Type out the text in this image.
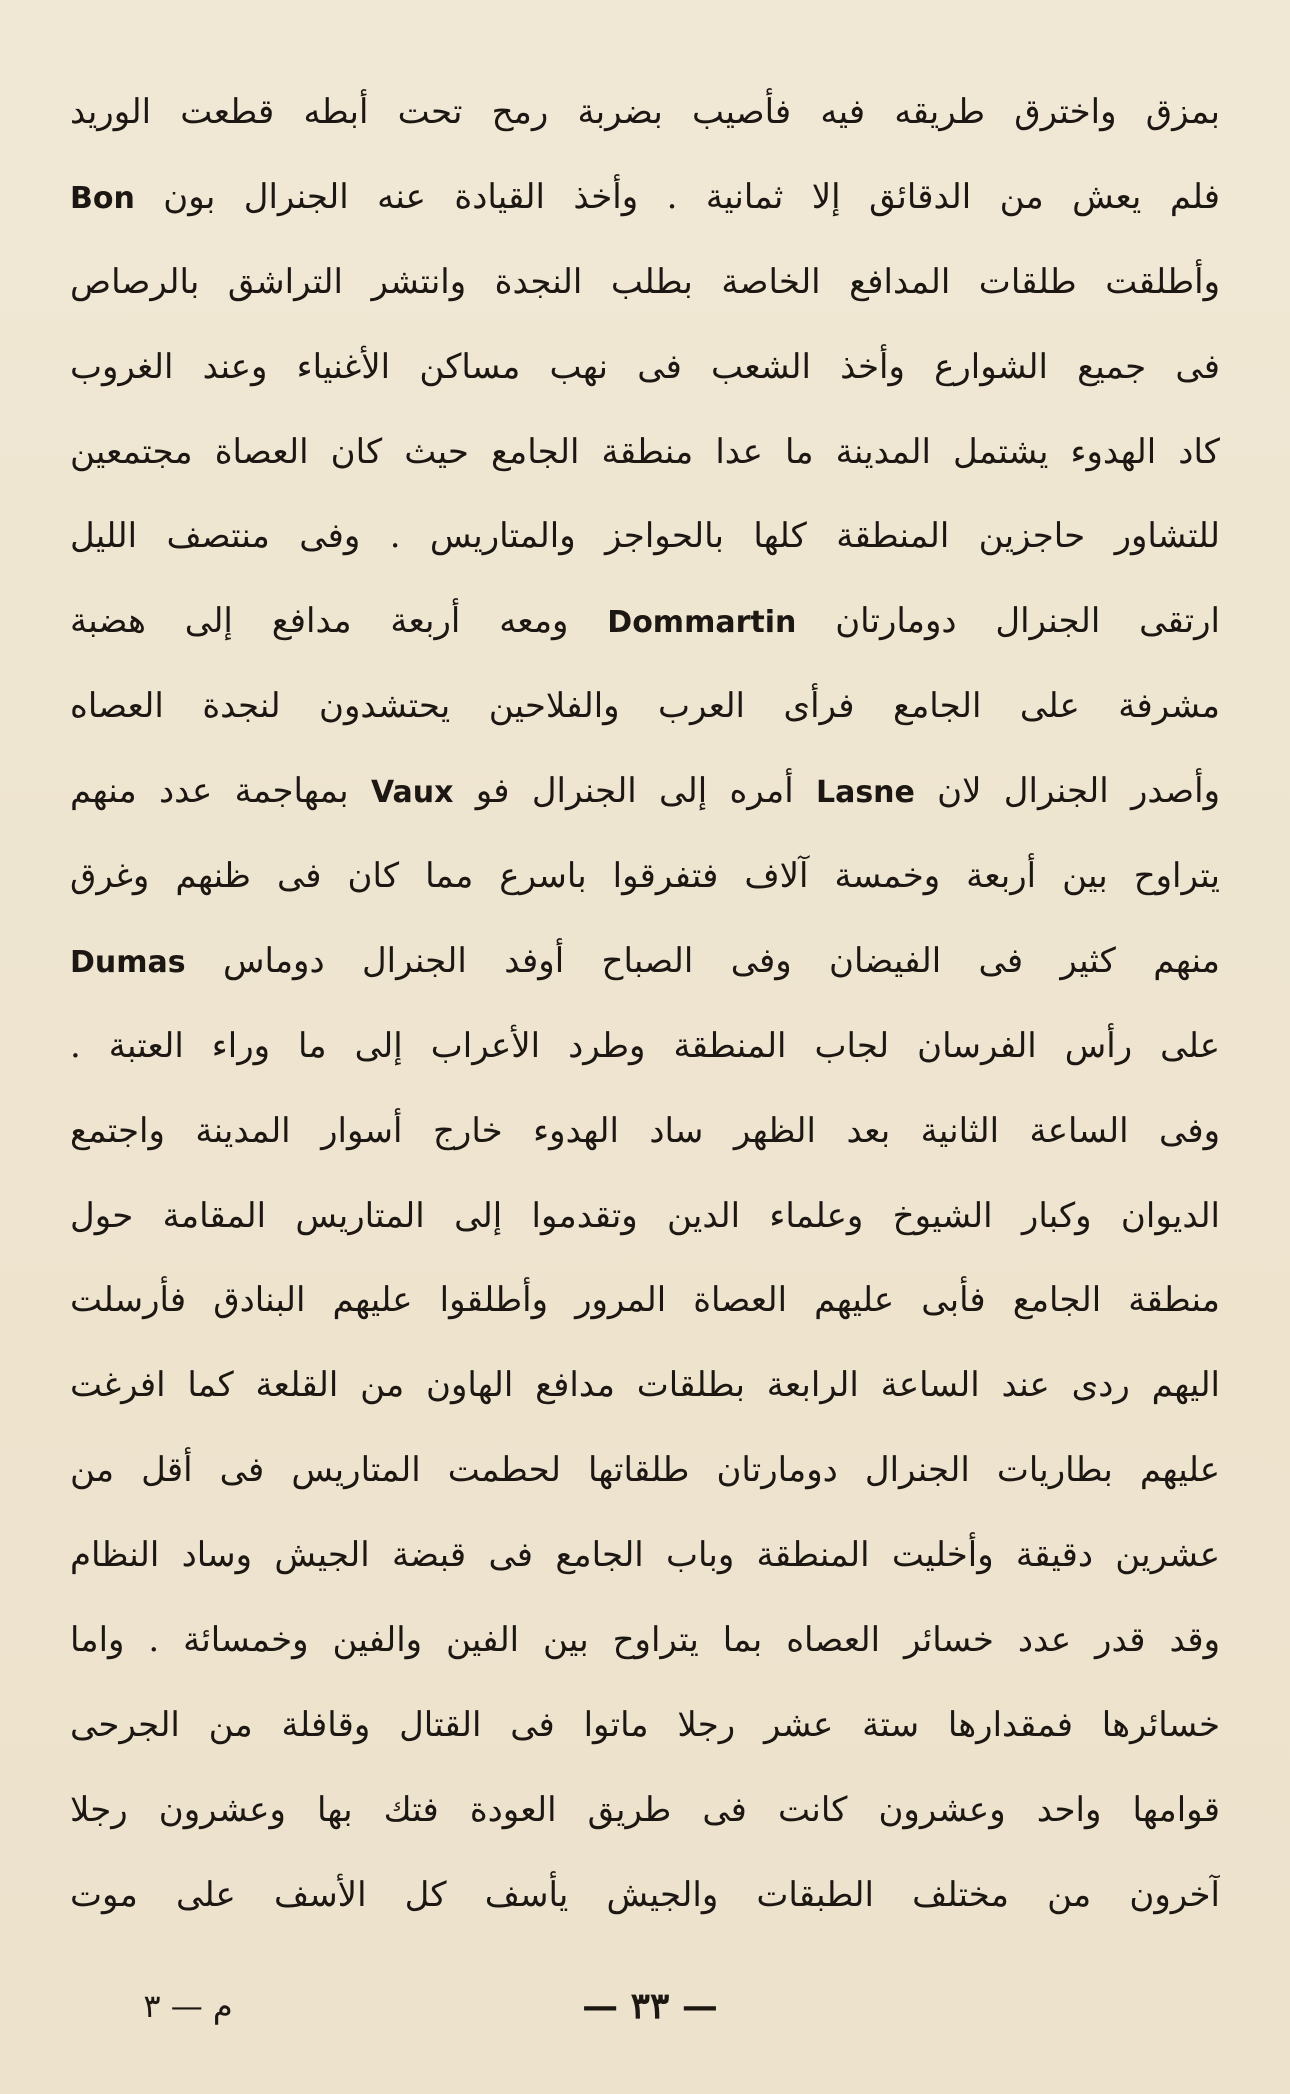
بمزق واخترق طريقه فيه فأصيب بضربة رمح تحت أبطه قطعت الوريد
فلم يعش من الدقائق إلا ثمانية . وأخذ القيادة عنه الجنرال بون Bon
وأطلقت طلقات المدافع الخاصة بطلب النجدة وانتشر التراشق بالرصاص
فى جميع الشوارع وأخذ الشعب فى نهب مساكن الأغنياء وعند الغروب
كاد الهدوء يشتمل المدينة ما عدا منطقة الجامع حيث كان العصاة مجتمعين
للتشاور حاجزين المنطقة كلها بالحواجز والمتاريس . وفى منتصف الليل
ارتقى الجنرال دومارتان Dommartin ومعه أربعة مدافع إلى هضبة
مشرفة على الجامع فرأى العرب والفلاحين يحتشدون لنجدة العصاه
وأصدر الجنرال لان Lasne أمره إلى الجنرال فو Vaux بمهاجمة عدد منهم
يتراوح بين أربعة وخمسة آلاف فتفرقوا باسرع مما كان فى ظنهم وغرق
منهم كثير فى الفيضان وفى الصباح أوفد الجنرال دوماس Dumas
على رأس الفرسان لجاب المنطقة وطرد الأعراب إلى ما وراء العتبة .
وفى الساعة الثانية بعد الظهر ساد الهدوء خارج أسوار المدينة واجتمع
الديوان وكبار الشيوخ وعلماء الدين وتقدموا إلى المتاريس المقامة حول
منطقة الجامع فأبى عليهم العصاة المرور وأطلقوا عليهم البنادق فأرسلت
اليهم ردى عند الساعة الرابعة بطلقات مدافع الهاون من القلعة كما افرغت
عليهم بطاريات الجنرال دومارتان طلقاتها لحطمت المتاريس فى أقل من
عشرين دقيقة وأخليت المنطقة وباب الجامع فى قبضة الجيش وساد النظام
وقد قدر عدد خسائر العصاه بما يتراوح بين الفين والفين وخمسائة . واما
خسائرها فمقدارها ستة عشر رجلا ماتوا فى القتال وقافلة من الجرحى
قوامها واحد وعشرون كانت فى طريق العودة فتك بها وعشرون رجلا
آخرون من مختلف الطبقات والجيش يأسف كل الأسف على موت
— ٣٣ —
م — ٣
